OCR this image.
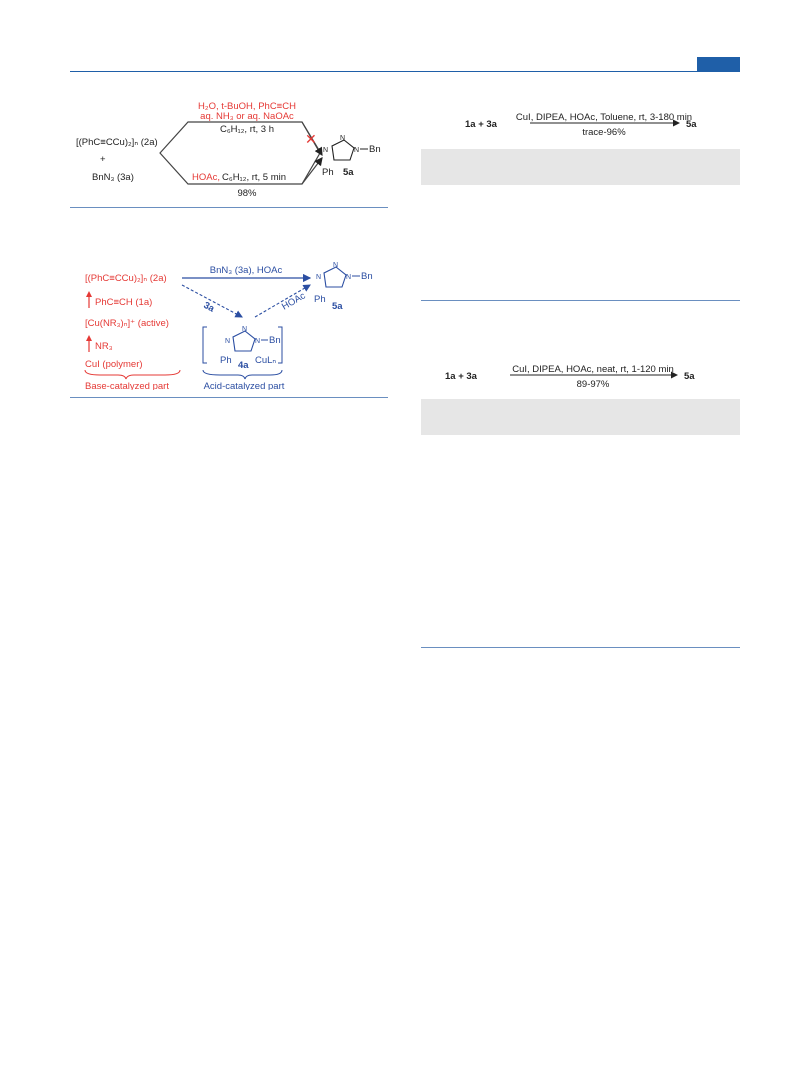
[(PhC≡CCu)₂]ₙ (2a)
+
BnN₃ (3a)
H₂O, t-BuOH, PhC≡CH
aq. NH₃ or aq. NaOAc
C₆H₁₂, rt, 3 h
✕
HOAc, C₆H₁₂, rt, 5 min
98%
N
N
N Bn
Ph 5a
[(PhC≡CCu)₂]ₙ (2a)
PhC≡CH (1a)
[Cu(NR₃)ₙ]⁺ (active)
NR₃
CuI (polymer)
Base-catalyzed part
BnN₃ (3a), HOAc
3a	HOAc
N
N
N Bn
Ph
5a
N
N
N Bn
Ph CuLₙ
4a
Acid-catalyzed part
1a + 3a
CuI, DIPEA, HOAc, Toluene, rt, 3-180 min
trace-96%
5a
1a + 3a
CuI, DIPEA, HOAc, neat, rt, 1-120 min
89-97%
5a
